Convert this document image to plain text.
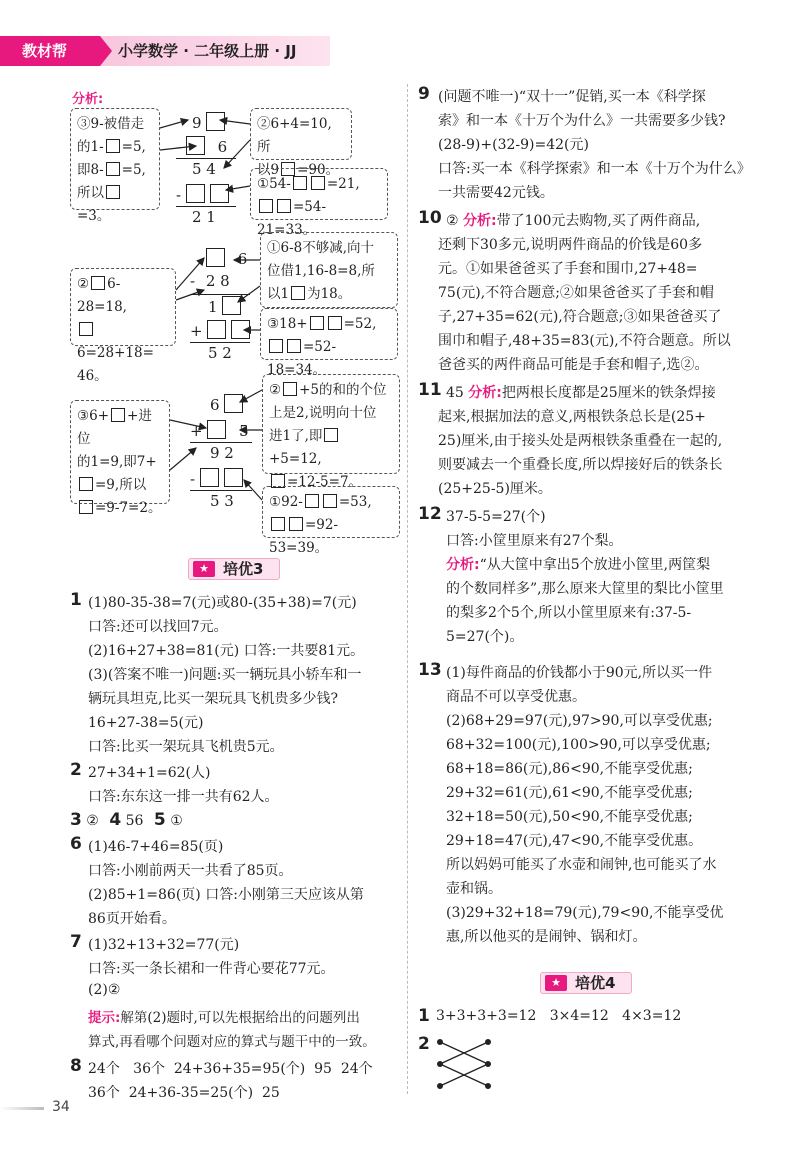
教材帮	小学数学 · 二年级上册 · JJ
分析:
③9-被借走
的1- =5,
即8- =5,
所以=3。
②6+4=10,所
以9 =90。
①54-	=21,
=54-21=33。
9
- 6
5 4
-
2 1
② 6-28=18,
6=28+18=
46。
①6-8不够减,向十
位借1,16-8=8,所
以1 为18。
③18+	=52,
=52-18=34。
6
- 2 8
1
+
5 2
③6+ +进位
的1=9,即7+
=9,所以
=9-7=2。
② +5的和的个位
上是2,说明向十位
进1了,即+5=12,
=12-5=7。
①92-	=53,
=92-53=39。
6
+ 5
9 2
-
5 3
★ 培优3
1 (1)80-35-38=7(元)或80-(35+38)=7(元)
口答:还可以找回7元。
(2)16+27+38=81(元) 口答:一共要81元。
(3)(答案不唯一)问题:买一辆玩具小轿车和一
辆玩具坦克,比买一架玩具飞机贵多少钱?
16+27-38=5(元)
口答:比买一架玩具飞机贵5元。
2 27+34+1=62(人)
口答:东东这一排一共有62人。
3 ② 4 56 5 ①
6 (1)46-7+46=85(页)
口答:小刚前两天一共看了85页。
(2)85+1=86(页) 口答:小刚第三天应该从第
86页开始看。
7 (1)32+13+32=77(元)
口答:买一条长裙和一件背心要花77元。
(2)②
提示:解第(2)题时,可以先根据给出的问题列出
算式,再看哪个问题对应的算式与题干中的一致。
8 24个   36个  24+36+35=95(个)  95  24个
36个  24+36-35=25(个)  25
9 (问题不唯一)“双十一”促销,买一本《科学探
索》和一本《十万个为什么》一共需要多少钱?
(28-9)+(32-9)=42(元)
口答:买一本《科学探索》和一本《十万个为什么》
一共需要42元钱。
10 ② 分析:带了100元去购物,买了两件商品,
还剩下30多元,说明两件商品的价钱是60多
元。①如果爸爸买了手套和围巾,27+48=
75(元),不符合题意;②如果爸爸买了手套和帽
子,27+35=62(元),符合题意;③如果爸爸买了
围巾和帽子,48+35=83(元),不符合题意。所以
爸爸买的两件商品可能是手套和帽子,选②。
11 45 分析:把两根长度都是25厘米的铁条焊接
起来,根据加法的意义,两根铁条总长是(25+
25)厘米,由于接头处是两根铁条重叠在一起的,
则要减去一个重叠长度,所以焊接好后的铁条长
(25+25-5)厘米。
12 37-5-5=27(个)
口答:小筐里原来有27个梨。
分析:“从大筐中拿出5个放进小筐里,两筐梨
的个数同样多”,那么原来大筐里的梨比小筐里
的梨多2个5个,所以小筐里原来有:37-5-
5=27(个)。
13 (1)每件商品的价钱都小于90元,所以买一件
商品不可以享受优惠。
(2)68+29=97(元),97>90,可以享受优惠;
68+32=100(元),100>90,可以享受优惠;
68+18=86(元),86<90,不能享受优惠;
29+32=61(元),61<90,不能享受优惠;
32+18=50(元),50<90,不能享受优惠;
29+18=47(元),47<90,不能享受优惠。
所以妈妈可能买了水壶和闹钟,也可能买了水
壶和锅。
(3)29+32+18=79(元),79<90,不能享受优
惠,所以他买的是闹钟、锅和灯。
★ 培优4
1 3+3+3+3=12   3×4=12   4×3=12
2
34
